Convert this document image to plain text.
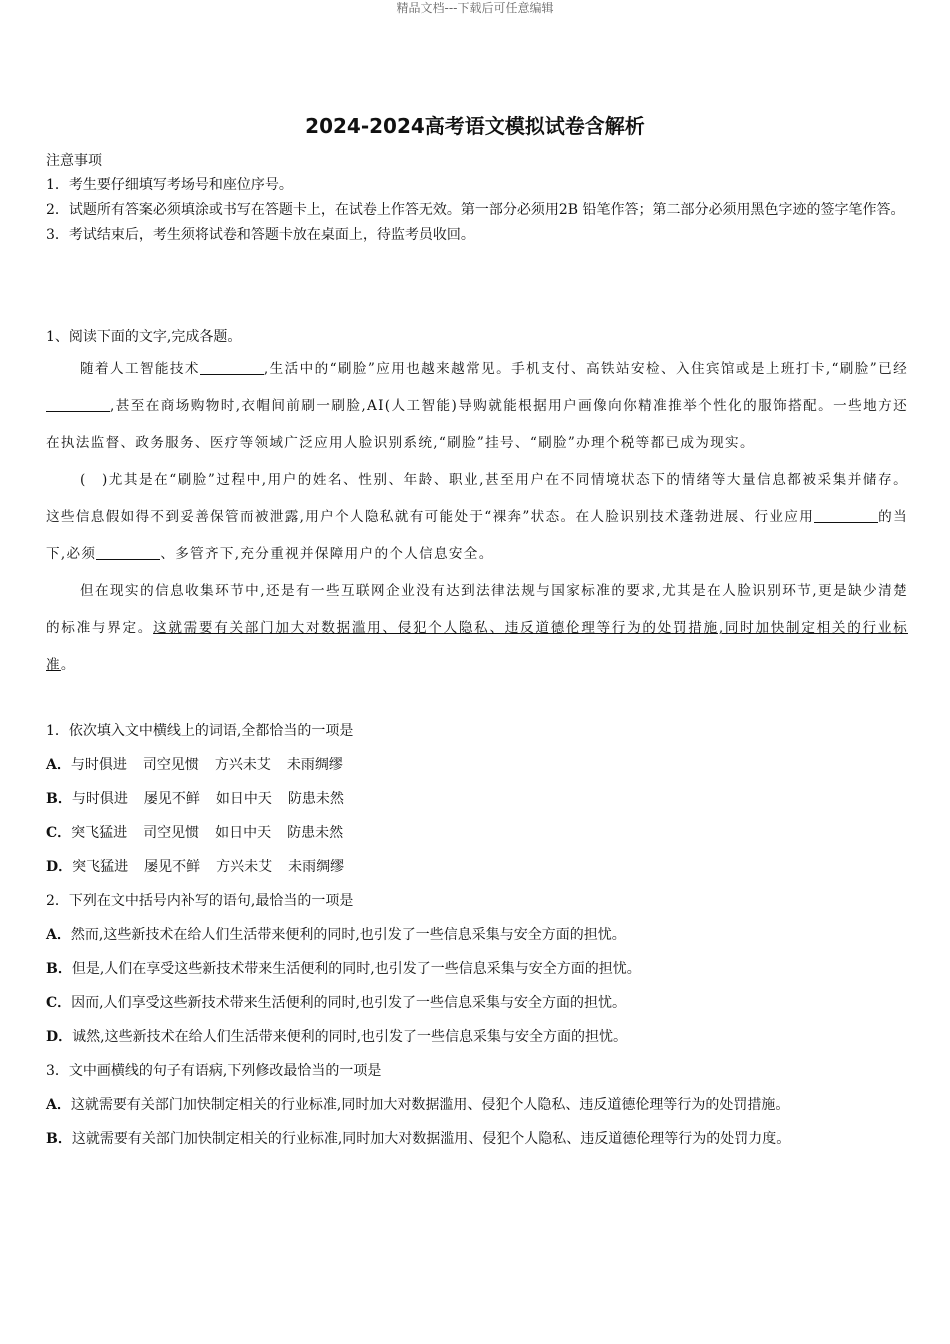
精品文档---下载后可任意编辑
2024-2024高考语文模拟试卷含解析
注意事项
1．考生要仔细填写考场号和座位序号。
2．试题所有答案必须填涂或书写在答题卡上，在试卷上作答无效。第一部分必须用2B 铅笔作答；第二部分必须用黑色字迹的签字笔作答。
3．考试结束后，考生须将试卷和答题卡放在桌面上，待监考员收回。
1、阅读下面的文字,完成各题。

随着人工智能技术	,生活中的“刷脸”应用也越来越常见。手机支付、高铁站安检、入住宾馆或是上班打卡,“刷脸”已经,甚至在商场购物时,衣帽间前刷一刷脸,AI(人工智能)导购就能根据用户画像向你精准推举个性化的服饰搭配。一些地方还在执法监督、政务服务、医疗等领域广泛应用人脸识别系统,“刷脸”挂号、“刷脸”办理个税等都已成为现实。

(　)尤其是在“刷脸”过程中,用户的姓名、性别、年龄、职业,甚至用户在不同情境状态下的情绪等大量信息都被采集并储存。这些信息假如得不到妥善保管而被泄露,用户个人隐私就有可能处于“裸奔”状态。在人脸识别技术蓬勃进展、行业应用	的当下,必须	、多管齐下,充分重视并保障用户的个人信息安全。

但在现实的信息收集环节中,还是有一些互联网企业没有达到法律法规与国家标准的要求,尤其是在人脸识别环节,更是缺少清楚的标准与界定。这就需要有关部门加大对数据滥用、侵犯个人隐私、违反道德伦理等行为的处罚措施,同时加快制定相关的行业标准。

1．依次填入文中横线上的词语,全都恰当的一项是
A．与时俱进 司空见惯 方兴未艾 未雨绸缪
B．与时俱进 屡见不鲜 如日中天 防患未然
C．突飞猛进 司空见惯 如日中天 防患未然
D．突飞猛进 屡见不鲜 方兴未艾 未雨绸缪
2．下列在文中括号内补写的语句,最恰当的一项是
A．然而,这些新技术在给人们生活带来便利的同时,也引发了一些信息采集与安全方面的担忧。
B．但是,人们在享受这些新技术带来生活便利的同时,也引发了一些信息采集与安全方面的担忧。
C．因而,人们享受这些新技术带来生活便利的同时,也引发了一些信息采集与安全方面的担忧。
D．诚然,这些新技术在给人们生活带来便利的同时,也引发了一些信息采集与安全方面的担忧。
3．文中画横线的句子有语病,下列修改最恰当的一项是
A．这就需要有关部门加快制定相关的行业标准,同时加大对数据滥用、侵犯个人隐私、违反道德伦理等行为的处罚措施。
B．这就需要有关部门加快制定相关的行业标准,同时加大对数据滥用、侵犯个人隐私、违反道德伦理等行为的处罚力度。
